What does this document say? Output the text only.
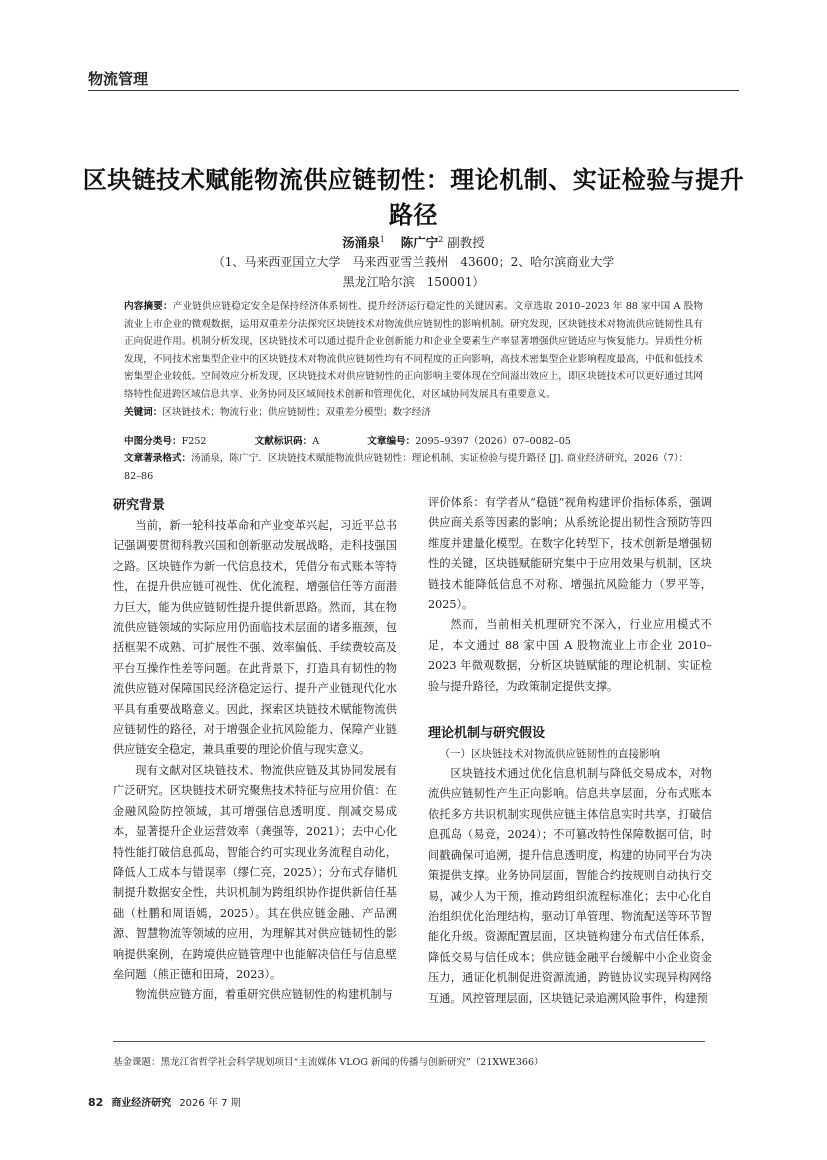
物流管理
区块链技术赋能物流供应链韧性：理论机制、实证检验与提升路径
汤涌泉$^1$ 陈广宁$^2$ 副教授
（1、马来西亚国立大学　马来西亚雪兰莪州　43600；2、哈尔滨商业大学
黑龙江哈尔滨　150001）
内容摘要：产业链供应链稳定安全是保持经济体系韧性、提升经济运行稳定性的关键因素。文章选取 2010–2023 年 88 家中国 A 股物流业上市企业的微观数据，运用双重差分法探究区块链技术对物流供应链韧性的影响机制。研究发现，区块链技术对物流供应链韧性具有正向促进作用。机制分析发现，区块链技术可以通过提升企业创新能力和企业全要素生产率显著增强供应链适应与恢复能力。异质性分析发现，不同技术密集型企业中的区块链技术对物流供应链韧性均有不同程度的正向影响，高技术密集型企业影响程度最高，中低和低技术密集型企业较低。空间效应分析发现，区块链技术对供应链韧性的正向影响主要体现在空间溢出效应上，即区块链技术可以更好通过其网络特性促进跨区域信息共享、业务协同及区域间技术创新和管理优化，对区域协同发展具有重要意义。
关键词：区块链技术；物流行业；供应链韧性；双重差分模型；数字经济
中图分类号：F252	文献标识码：A	文章编号：2095–9397（2026）07–0082–05
文章著录格式：汤涌泉，陈广宁．区块链技术赋能物流供应链韧性：理论机制、实证检验与提升路径 [J]. 商业经济研究，2026（7）：82–86
研究背景

当前，新一轮科技革命和产业变革兴起，习近平总书记强调要贯彻科教兴国和创新驱动发展战略，走科技强国之路。区块链作为新一代信息技术，凭借分布式账本等特性，在提升供应链可视性、优化流程、增强信任等方面潜力巨大，能为供应链韧性提升提供新思路。然而，其在物流供应链领域的实际应用仍面临技术层面的诸多瓶颈，包括框架不成熟、可扩展性不强、效率偏低、手续费较高及平台互操作性差等问题。在此背景下，打造具有韧性的物流供应链对保障国民经济稳定运行、提升产业链现代化水平具有重要战略意义。因此，探索区块链技术赋能物流供应链韧性的路径，对于增强企业抗风险能力、保障产业链供应链安全稳定，兼具重要的理论价值与现实意义。

现有文献对区块链技术、物流供应链及其协同发展有广泛研究。区块链技术研究聚焦技术特征与应用价值：在金融风险防控领域，其可增强信息透明度、削减交易成本，显著提升企业运营效率（龚强等，2021）；去中心化特性能打破信息孤岛，智能合约可实现业务流程自动化，降低人工成本与错误率（缪仁亮，2025）；分布式存储机制提升数据安全性，共识机制为跨组织协作提供新信任基础（杜鹏和周语嫣，2025）。其在供应链金融、产品溯源、智慧物流等领域的应用，为理解其对供应链韧性的影响提供案例，在跨境供应链管理中也能解决信任与信息壁垒问题（熊正德和田琦，2023）。

物流供应链方面，着重研究供应链韧性的构建机制与

评价体系：有学者从“稳链”视角构建评价指标体系，强调供应商关系等因素的影响；从系统论提出韧性含预防等四维度并建量化模型。在数字化转型下，技术创新是增强韧性的关键，区块链赋能研究集中于应用效果与机制，区块链技术能降低信息不对称、增强抗风险能力（罗平等，2025）。

然而，当前相关机理研究不深入，行业应用模式不足，本文通过 88 家中国 A 股物流业上市企业 2010–2023 年微观数据，分析区块链赋能的理论机制、实证检验与提升路径，为政策制定提供支撑。

理论机制与研究假设
（一）区块链技术对物流供应链韧性的直接影响

区块链技术通过优化信息机制与降低交易成本，对物流供应链韧性产生正向影响。信息共享层面，分布式账本依托多方共识机制实现供应链主体信息实时共享，打破信息孤岛（易竞，2024）；不可篡改特性保障数据可信，时间戳确保可追溯，提升信息透明度，构建的协同平台为决策提供支撑。业务协同层面，智能合约按规则自动执行交易，减少人为干预，推动跨组织流程标准化；去中心化自治组织优化治理结构，驱动订单管理、物流配送等环节智能化升级。资源配置层面，区块链构建分布式信任体系，降低交易与信任成本；供应链金融平台缓解中小企业资金压力，通证化机制促进资源流通，跨链协议实现异构网络互通。风控管理层面，区块链记录追溯风险事件，构建预

基金课题：黑龙江省哲学社会科学规划项目“主流媒体 VLOG 新闻的传播与创新研究”（21XWE366）
82 商业经济研究 2026 年 7 期
